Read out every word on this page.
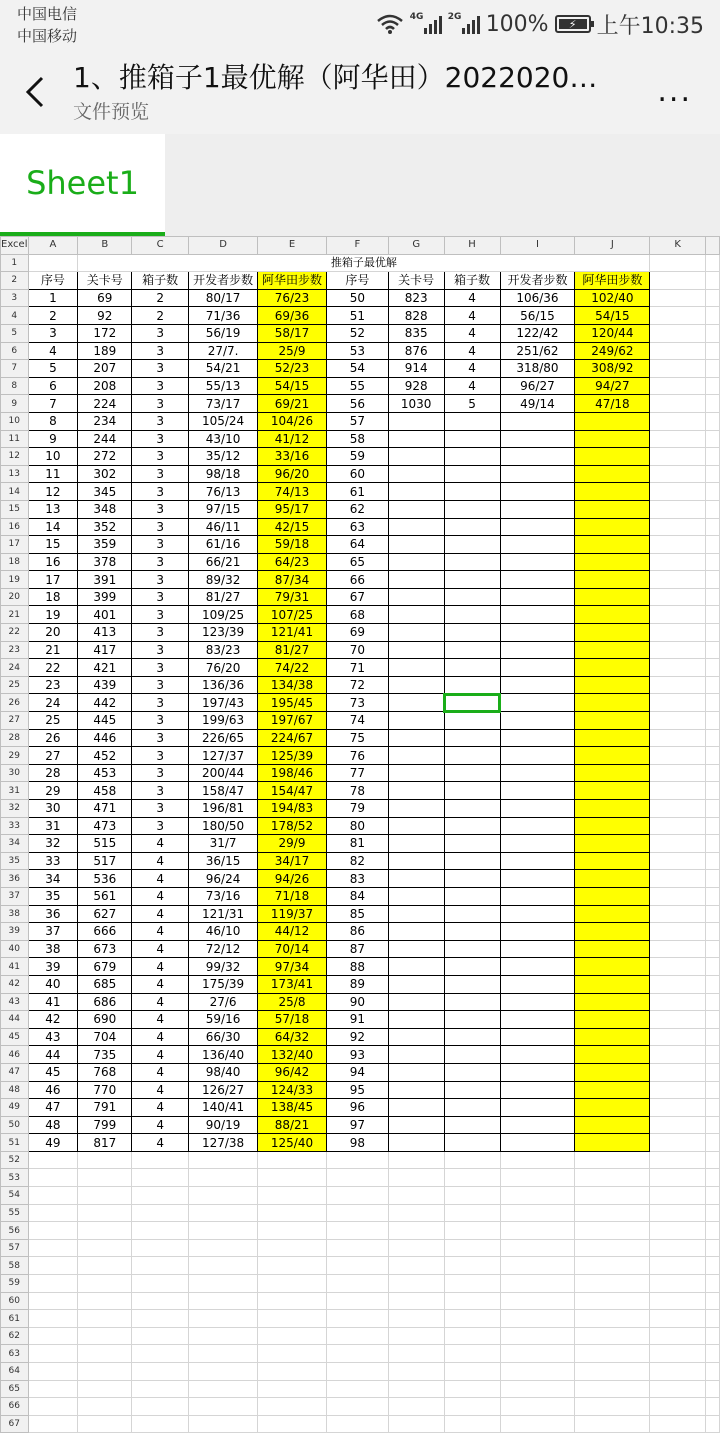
中国电信
中国移动
4G	2G 100% ⚡ 上午10:35
1、推箱子1最优解（阿华田）2022020…
文件预览
...
Sheet1
Excel	A	B	C	D	E	F	G	H	I	J	K	
1		推箱子最优解										
2	序号	关卡号	箱子数	开发者步数	阿华田步数	序号	关卡号	箱子数	开发者步数	阿华田步数		
3	1	69	2	80/17	76/23	50	823	4	106/36	102/40		
4	2	92	2	71/36	69/36	51	828	4	56/15	54/15		
5	3	172	3	56/19	58/17	52	835	4	122/42	120/44		
6	4	189	3	27/7.	25/9	53	876	4	251/62	249/62		
7	5	207	3	54/21	52/23	54	914	4	318/80	308/92		
8	6	208	3	55/13	54/15	55	928	4	96/27	94/27		
9	7	224	3	73/17	69/21	56	1030	5	49/14	47/18		
10	8	234	3	105/24	104/26	57						
11	9	244	3	43/10	41/12	58						
12	10	272	3	35/12	33/16	59						
13	11	302	3	98/18	96/20	60						
14	12	345	3	76/13	74/13	61						
15	13	348	3	97/15	95/17	62						
16	14	352	3	46/11	42/15	63						
17	15	359	3	61/16	59/18	64						
18	16	378	3	66/21	64/23	65						
19	17	391	3	89/32	87/34	66						
20	18	399	3	81/27	79/31	67						
21	19	401	3	109/25	107/25	68						
22	20	413	3	123/39	121/41	69						
23	21	417	3	83/23	81/27	70						
24	22	421	3	76/20	74/22	71						
25	23	439	3	136/36	134/38	72						
26	24	442	3	197/43	195/45	73						
27	25	445	3	199/63	197/67	74						
28	26	446	3	226/65	224/67	75						
29	27	452	3	127/37	125/39	76						
30	28	453	3	200/44	198/46	77						
31	29	458	3	158/47	154/47	78						
32	30	471	3	196/81	194/83	79						
33	31	473	3	180/50	178/52	80						
34	32	515	4	31/7	29/9	81						
35	33	517	4	36/15	34/17	82						
36	34	536	4	96/24	94/26	83						
37	35	561	4	73/16	71/18	84						
38	36	627	4	121/31	119/37	85						
39	37	666	4	46/10	44/12	86						
40	38	673	4	72/12	70/14	87						
41	39	679	4	99/32	97/34	88						
42	40	685	4	175/39	173/41	89						
43	41	686	4	27/6	25/8	90						
44	42	690	4	59/16	57/18	91						
45	43	704	4	66/30	64/32	92						
46	44	735	4	136/40	132/40	93						
47	45	768	4	98/40	96/42	94						
48	46	770	4	126/27	124/33	95						
49	47	791	4	140/41	138/45	96						
50	48	799	4	90/19	88/21	97						
51	49	817	4	127/38	125/40	98						
52												
53												
54												
55												
56												
57												
58												
59												
60												
61												
62												
63												
64												
65												
66												
67												
